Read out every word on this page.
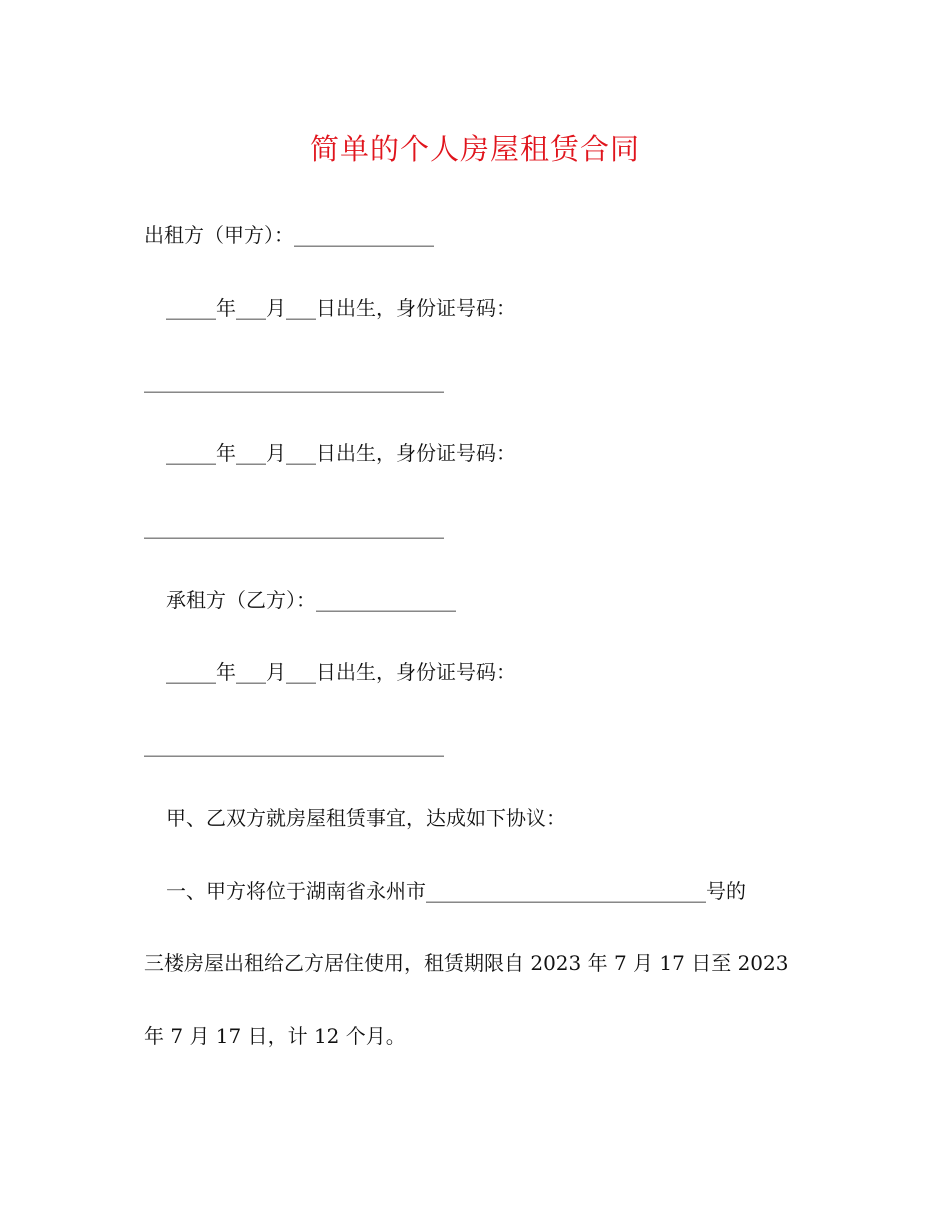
简单的个人房屋租赁合同
出租方（甲方）：______________
_____年___月___日出生，身份证号码：
______________________________
_____年___月___日出生，身份证号码：
______________________________
承租方（乙方）：______________
_____年___月___日出生，身份证号码：
______________________________
甲、乙双方就房屋租赁事宜，达成如下协议：
一、甲方将位于湖南省永州市____________________________号的
三楼房屋出租给乙方居住使用，租赁期限自 2023 年 7 月 17 日至 2023
年 7 月 17 日，计 12 个月。
